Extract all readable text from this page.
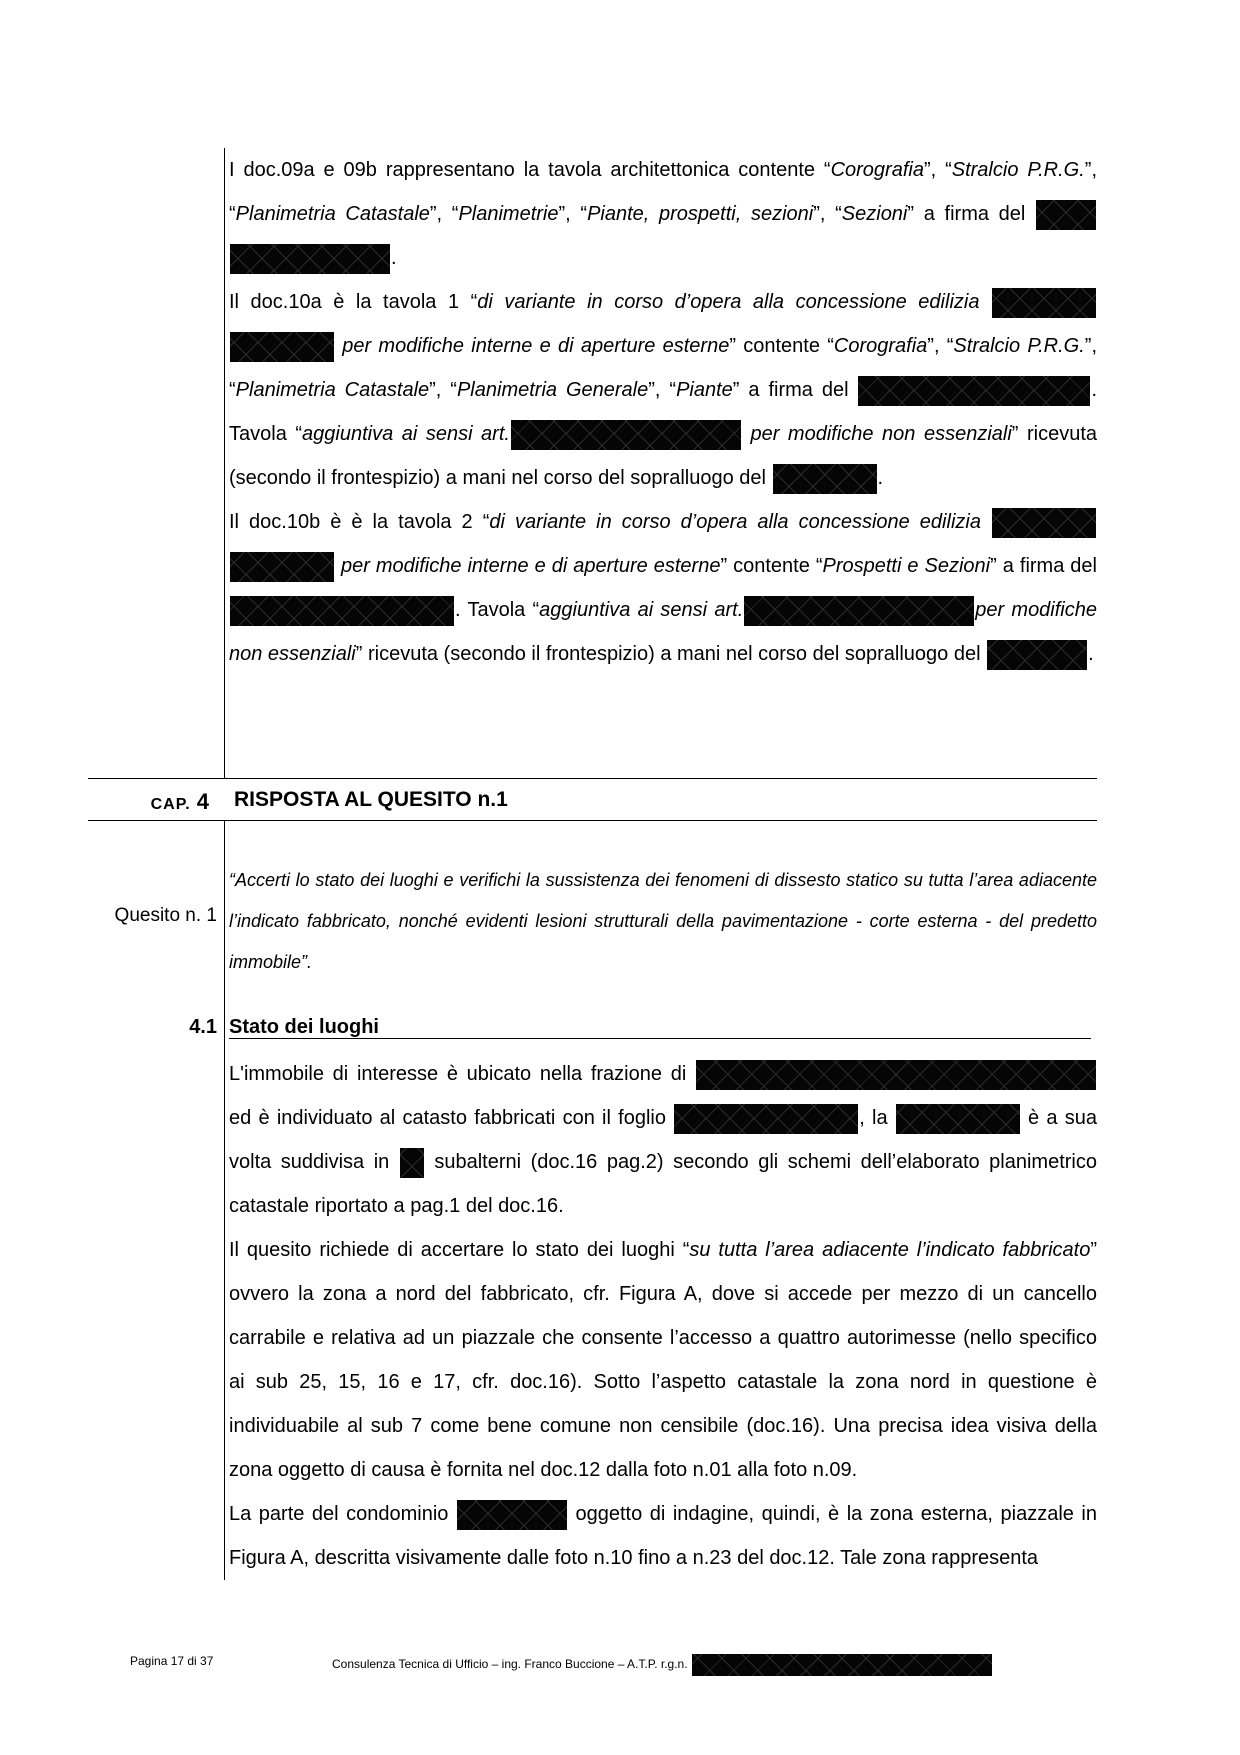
I doc.09a e 09b rappresentano la tavola architettonica contente “Corografia”, “Stralcio P.R.G.”, “Planimetria Catastale”, “Planimetrie”, “Piante, prospetti, sezioni”, “Sezioni” a firma del  .

Il doc.10a è la tavola 1 “di variante in corso d’opera alla concessione edilizia   per modifiche interne e di aperture esterne” contente “Corografia”, “Stralcio P.R.G.”, “Planimetria Catastale”, “Planimetria Generale”, “Piante” a firma del	. Tavola “aggiuntiva ai sensi art.	per modifiche non essenziali” ricevuta (secondo il frontespizio) a mani nel corso del sopralluogo del	.

Il doc.10b è è la tavola 2 “di variante in corso d’opera alla concessione edilizia   per modifiche interne e di aperture esterne” contente “Prospetti e Sezioni” a firma del . Tavola “aggiuntiva ai sensi art.	per modifiche non essenziali” ricevuta (secondo il frontespizio) a mani nel corso del sopralluogo del	.

CAP. 4 RISPOSTA AL QUESITO n.1
Quesito n. 1
“Accerti lo stato dei luoghi e verifichi la sussistenza dei fenomeni di dissesto statico su tutta l’area adiacente l’indicato fabbricato, nonché evidenti lesioni strutturali della pavimentazione - corte esterna - del predetto immobile”.
4.1 Stato dei luoghi

L'immobile di interesse è ubicato nella frazione di  ed è individuato al catasto fabbricati con il foglio	, la	è a sua volta suddivisa in  subalterni (doc.16 pag.2) secondo gli schemi dell’elaborato planimetrico catastale riportato a pag.1 del doc.16.

Il quesito richiede di accertare lo stato dei luoghi “su tutta l’area adiacente l’indicato fabbricato” ovvero la zona a nord del fabbricato, cfr. Figura A, dove si accede per mezzo di un cancello carrabile e relativa ad un piazzale che consente l’accesso a quattro autorimesse (nello specifico ai sub 25, 15, 16 e 17, cfr. doc.16). Sotto l’aspetto catastale la zona nord in questione è individuabile al sub 7 come bene comune non censibile (doc.16). Una precisa idea visiva della zona oggetto di causa è fornita nel doc.12 dalla foto n.01 alla foto n.09.

La parte del condominio	oggetto di indagine, quindi, è la zona esterna, piazzale in Figura A, descritta visivamente dalle foto n.10 fino a n.23 del doc.12. Tale zona rappresenta

Pagina 17 di 37	Consulenza Tecnica di Ufficio – ing. Franco Buccione – A.T.P. r.g.n.
